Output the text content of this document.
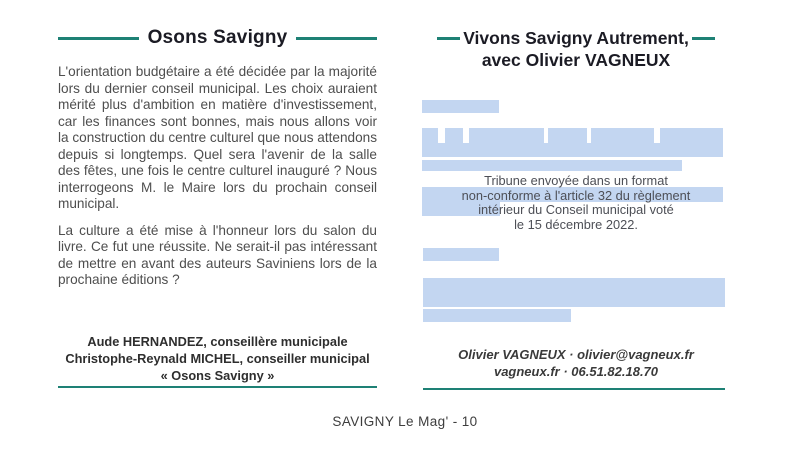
Osons Savigny

L'orientation budgétaire a été décidée par la majorité lors du dernier conseil municipal. Les choix auraient mérité plus d'ambition en matière d'investissement, car les finances sont bonnes, mais nous allons voir la construction du centre culturel que nous attendons depuis si longtemps. Quel sera l'avenir de la salle des fêtes, une fois le centre culturel inauguré ? Nous interrogeons M. le Maire lors du prochain conseil municipal.

La culture a été mise à l'honneur lors du salon du livre. Ce fut une réussite. Ne serait-il pas intéressant de mettre en avant des auteurs Saviniens lors de la prochaine éditions ?

Aude HERNANDEZ, conseillère municipale
Christophe-Reynald MICHEL, conseiller municipal
« Osons Savigny »
Vivons Savigny Autrement,
avec Olivier VAGNEUX
Tribune envoyée dans un format
non-conforme à l'article 32 du règlement
intérieur du Conseil municipal voté
le 15 décembre 2022.
Olivier VAGNEUX · olivier@vagneux.fr
vagneux.fr · 06.51.82.18.70
SAVIGNY Le Mag' - 10
